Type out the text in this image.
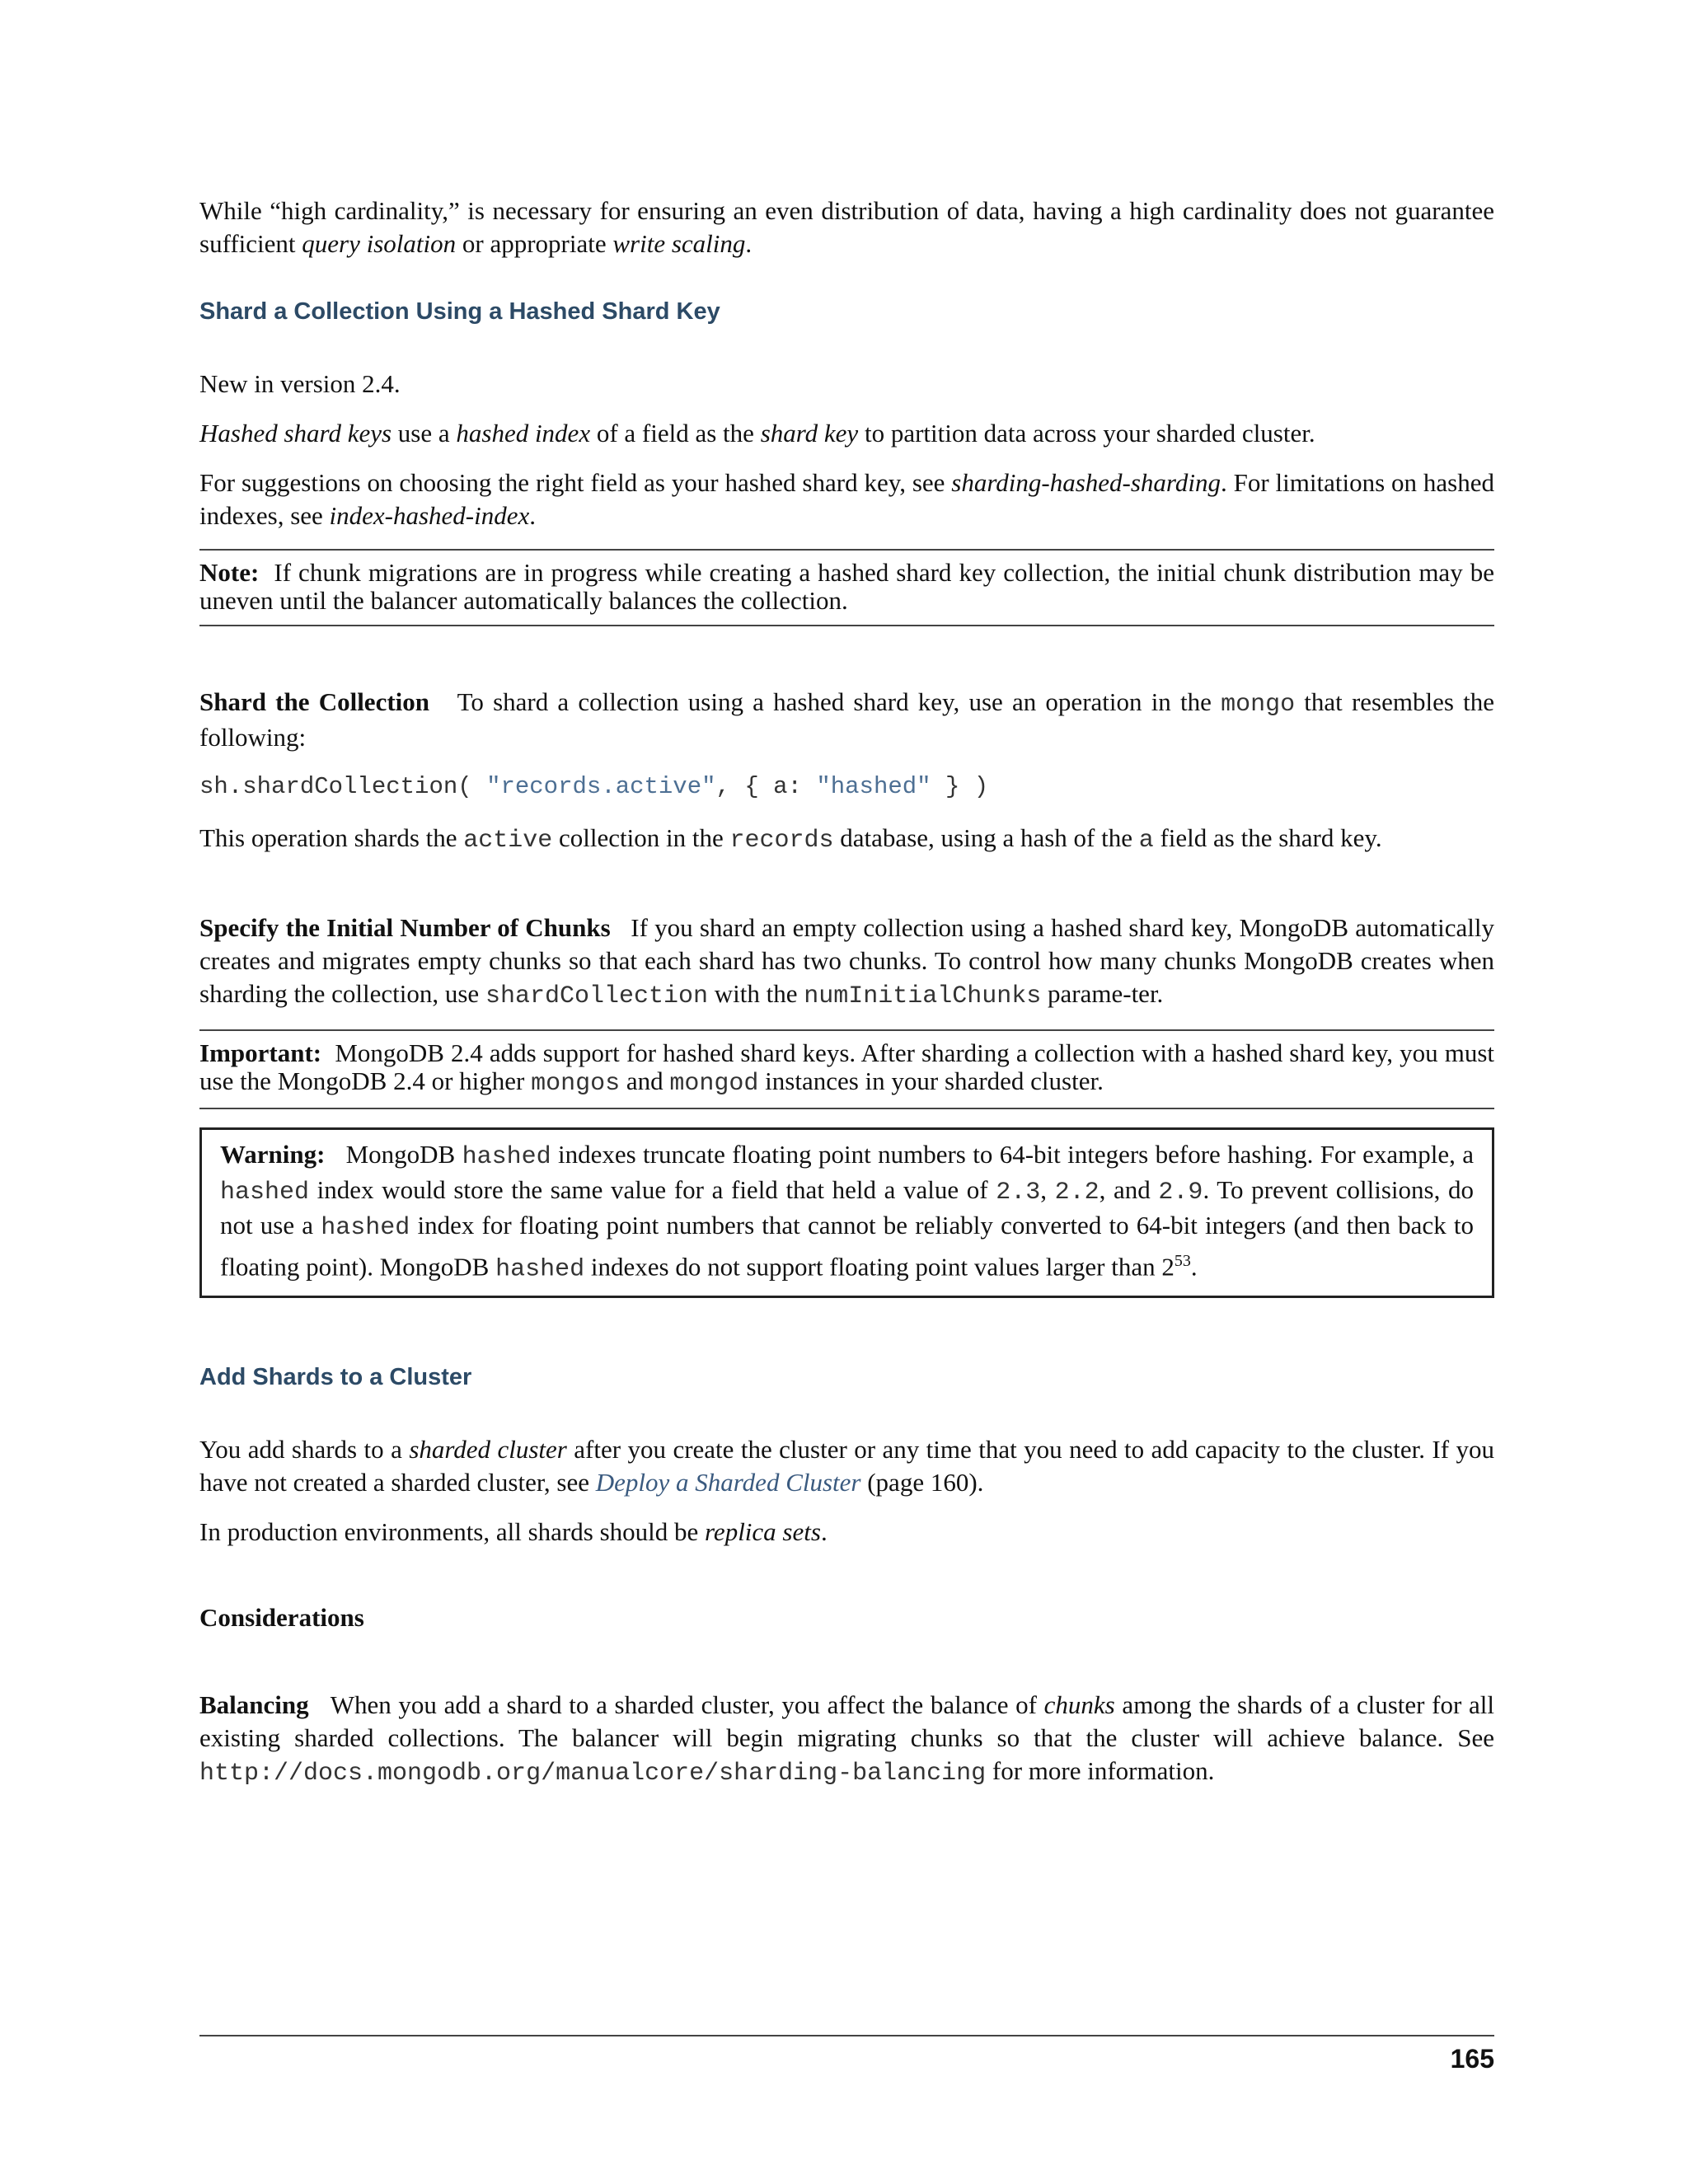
While “high cardinality,” is necessary for ensuring an even distribution of data, having a high cardinality does not guarantee sufficient query isolation or appropriate write scaling.

Shard a Collection Using a Hashed Shard Key

New in version 2.4.

Hashed shard keys use a hashed index of a field as the shard key to partition data across your sharded cluster.

For suggestions on choosing the right field as your hashed shard key, see sharding-hashed-sharding. For limitations on hashed indexes, see index-hashed-index.

Note: If chunk migrations are in progress while creating a hashed shard key collection, the initial chunk distribution may be uneven until the balancer automatically balances the collection.

Shard the Collection To shard a collection using a hashed shard key, use an operation in the mongo that resembles the following:

sh.shardCollection( "records.active", { a: "hashed" } )

This operation shards the active collection in the records database, using a hash of the a field as the shard key.

Specify the Initial Number of Chunks If you shard an empty collection using a hashed shard key, MongoDB automatically creates and migrates empty chunks so that each shard has two chunks. To control how many chunks MongoDB creates when sharding the collection, use shardCollection with the numInitialChunks parame-ter.

Important: MongoDB 2.4 adds support for hashed shard keys. After sharding a collection with a hashed shard key, you must use the MongoDB 2.4 or higher mongos and mongod instances in your sharded cluster.

Warning: MongoDB hashed indexes truncate floating point numbers to 64-bit integers before hashing. For example, a hashed index would store the same value for a field that held a value of 2.3, 2.2, and 2.9. To prevent collisions, do not use a hashed index for floating point numbers that cannot be reliably converted to 64-bit integers (and then back to floating point). MongoDB hashed indexes do not support floating point values larger than $2^{53}$.

Add Shards to a Cluster

You add shards to a sharded cluster after you create the cluster or any time that you need to add capacity to the cluster. If you have not created a sharded cluster, see Deploy a Sharded Cluster (page 160).

In production environments, all shards should be replica sets.

Considerations

Balancing When you add a shard to a sharded cluster, you affect the balance of chunks among the shards of a cluster for all existing sharded collections. The balancer will begin migrating chunks so that the cluster will achieve balance. See http://docs.mongodb.org/manualcore/sharding-balancing for more information.

165
